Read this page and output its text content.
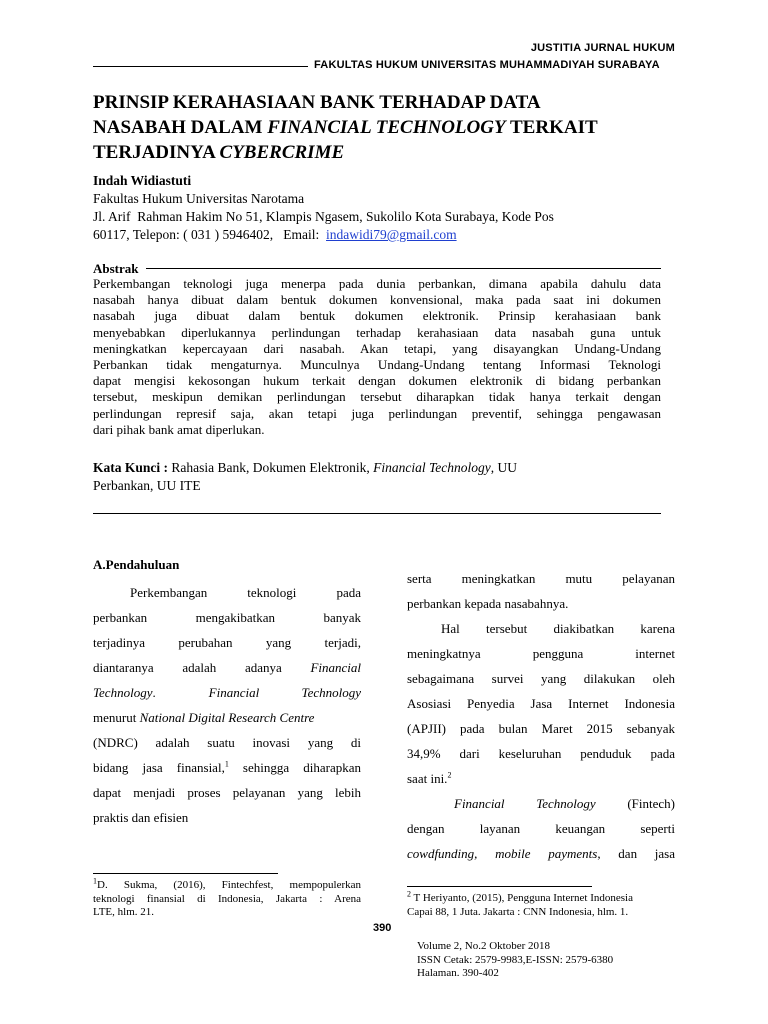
JUSTITIA JURNAL HUKUM
FAKULTAS HUKUM UNIVERSITAS MUHAMMADIYAH SURABAYA
PRINSIP KERAHASIAAN BANK TERHADAP DATA
NASABAH DALAM FINANCIAL TECHNOLOGY TERKAIT
TERJADINYA CYBERCRIME
Indah Widiastuti
Fakultas Hukum Universitas Narotama
Jl. Arif  Rahman Hakim No 51, Klampis Ngasem, Sukolilo Kota Surabaya, Kode Pos
60117, Telepon: ( 031 ) 5946402,   Email:  indawidi79@gmail.com
Abstrak
Perkembangan teknologi juga menerpa pada dunia perbankan, dimana apabila dahulu data
nasabah hanya dibuat dalam bentuk dokumen konvensional, maka pada saat ini dokumen
nasabah juga dibuat dalam bentuk dokumen elektronik. Prinsip kerahasiaan bank
menyebabkan diperlukannya perlindungan terhadap kerahasiaan data nasabah guna untuk
meningkatkan kepercayaan dari nasabah. Akan tetapi, yang disayangkan Undang-Undang
Perbankan tidak mengaturnya. Munculnya Undang-Undang tentang Informasi Teknologi
dapat mengisi kekosongan hukum terkait dengan dokumen elektronik di bidang perbankan
tersebut, meskipun demikan perlindungan tersebut diharapkan tidak hanya terkait dengan
perlindungan represif saja, akan tetapi juga perlindungan preventif, sehingga pengawasan
dari pihak bank amat diperlukan.
Kata Kunci : Rahasia Bank, Dokumen Elektronik, Financial Technology, UU
Perbankan, UU ITE
A.Pendahuluan
Perkembangan teknologi pada
perbankan mengakibatkan banyak
terjadinya perubahan yang terjadi,
diantaranya adalah adanya Financial
Technology.	Financial	Technology
menurut National Digital Research Centre
(NDRC) adalah suatu inovasi yang di
bidang jasa finansial,$^1$ sehingga diharapkan
dapat menjadi proses pelayanan yang lebih
praktis dan efisien
serta meningkatkan mutu pelayanan
perbankan kepada nasabahnya.
Hal tersebut diakibatkan karena
meningkatnya pengguna internet
sebagaimana survei yang dilakukan oleh
Asosiasi Penyedia Jasa Internet Indonesia
(APJII) pada bulan Maret 2015 sebanyak
34,9% dari keseluruhan penduduk pada
saat ini.$^2$
Financial Technology (Fintech)
dengan layanan keuangan seperti
cowdfunding, mobile payments, dan jasa
$^1$D. Sukma, (2016), Fintechfest, mempopulerkan
teknologi finansial di Indonesia, Jakarta : Arena
LTE, hlm. 21.
$^2$ T Heriyanto, (2015), Pengguna Internet Indonesia
Capai 88, 1 Juta. Jakarta : CNN Indonesia, hlm. 1.
390
Volume 2, No.2 Oktober 2018
ISSN Cetak: 2579-9983,E-ISSN: 2579-6380
Halaman. 390-402
